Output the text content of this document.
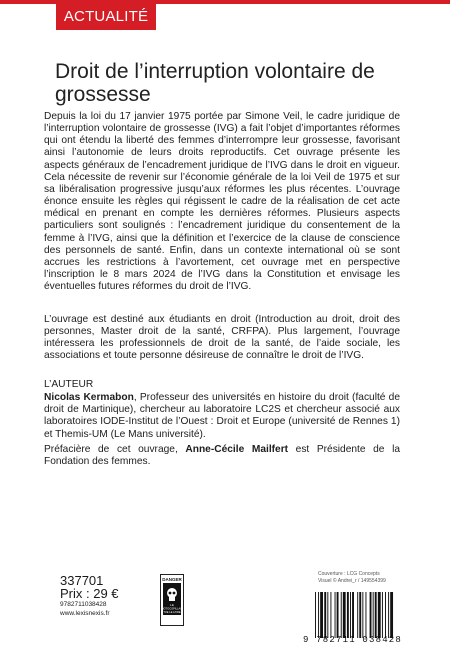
ACTUALITÉ
Droit de l’interruption volontaire de grossesse

Depuis la loi du 17 janvier 1975 portée par Simone Veil, le cadre juridique de l’interruption volontaire de grossesse (IVG) a fait l’objet d’importantes réformes qui ont étendu la liberté des femmes d’interrompre leur grossesse, favorisant ainsi l’autonomie de leurs droits reproductifs. Cet ouvrage présente les aspects généraux de l’encadrement juridique de l’IVG dans le droit en vigueur. Cela nécessite de revenir sur l’économie générale de la loi Veil de 1975 et sur sa libéralisation progressive jusqu’aux réformes les plus récentes. L’ouvrage énonce ensuite les règles qui régissent le cadre de la réalisation de cet acte médical en prenant en compte les dernières réformes. Plusieurs aspects particuliers sont soulignés : l’encadrement juridique du consentement de la femme à l’IVG, ainsi que la définition et l’exercice de la clause de conscience des personnels de santé. Enfin, dans un contexte international où se sont accrues les restrictions à l’avortement, cet ouvrage met en perspective l’inscription le 8 mars 2024 de l’IVG dans la Constitution et envisage les éventuelles futures réformes du droit de l’IVG.

L’ouvrage est destiné aux étudiants en droit (Introduction au droit, droit des personnes, Master droit de la santé, CRFPA). Plus largement, l’ouvrage intéressera les professionnels de droit de la santé, de l’aide sociale, les associations et toute personne désireuse de connaître le droit de l’IVG.

L’AUTEUR

Nicolas Kermabon, Professeur des universités en histoire du droit (faculté de droit de Martinique), chercheur au laboratoire LC2S et chercheur associé aux laboratoires IODE-Institut de l’Ouest : Droit et Europe (université de Rennes 1) et Themis-UM (Le Mans université).

Préfacière de cet ouvrage, Anne-Cécile Mailfert est Présidente de la Fondation des femmes.

337701
Prix : 29 €
9782711038428
www.lexisnexis.fr
DANGER
LE
PHOTOCOPILLAGE
TUE LE LIVRE
Couverture : LCG Concepts
Visuel © Andrei_r / 149554399
9 782711 038428
